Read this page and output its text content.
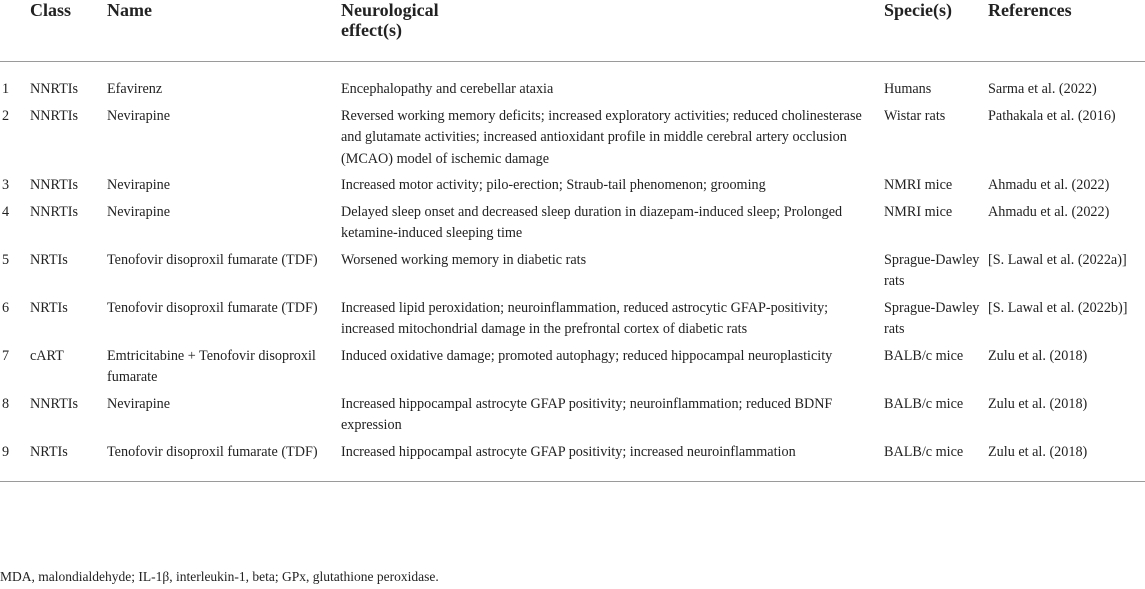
	Class	Name	Neurological effect(s)	Specie(s)	References
1	NNRTIs	Efavirenz	Encephalopathy and cerebellar ataxia	Humans	Sarma et al. (2022)
2	NNRTIs	Nevirapine	Reversed working memory deficits; increased exploratory activities; reduced cholinesterase and glutamate activities; increased antioxidant profile in middle cerebral artery occlusion (MCAO) model of ischemic damage	Wistar rats	Pathakala et al. (2016)
3	NNRTIs	Nevirapine	Increased motor activity; pilo-erection; Straub-tail phenomenon; grooming	NMRI mice	Ahmadu et al. (2022)
4	NNRTIs	Nevirapine	Delayed sleep onset and decreased sleep duration in diazepam-induced sleep; Prolonged ketamine-induced sleeping time	NMRI mice	Ahmadu et al. (2022)
5	NRTIs	Tenofovir disoproxil fumarate (TDF)	Worsened working memory in diabetic rats	Sprague-Dawley rats	[S. Lawal et al. (2022a)]
6	NRTIs	Tenofovir disoproxil fumarate (TDF)	Increased lipid peroxidation; neuroinflammation, reduced astrocytic GFAP-positivity; increased mitochondrial damage in the prefrontal cortex of diabetic rats	Sprague-Dawley rats	[S. Lawal et al. (2022b)]
7	cART	Emtricitabine + Tenofovir disoproxil fumarate	Induced oxidative damage; promoted autophagy; reduced hippocampal neuroplasticity	BALB/c mice	Zulu et al. (2018)
8	NNRTIs	Nevirapine	Increased hippocampal astrocyte GFAP positivity; neuroinflammation; reduced BDNF expression	BALB/c mice	Zulu et al. (2018)
9	NRTIs	Tenofovir disoproxil fumarate (TDF)	Increased hippocampal astrocyte GFAP positivity; increased neuroinflammation	BALB/c mice	Zulu et al. (2018)
MDA, malondialdehyde; IL-1β, interleukin-1, beta; GPx, glutathione peroxidase.
